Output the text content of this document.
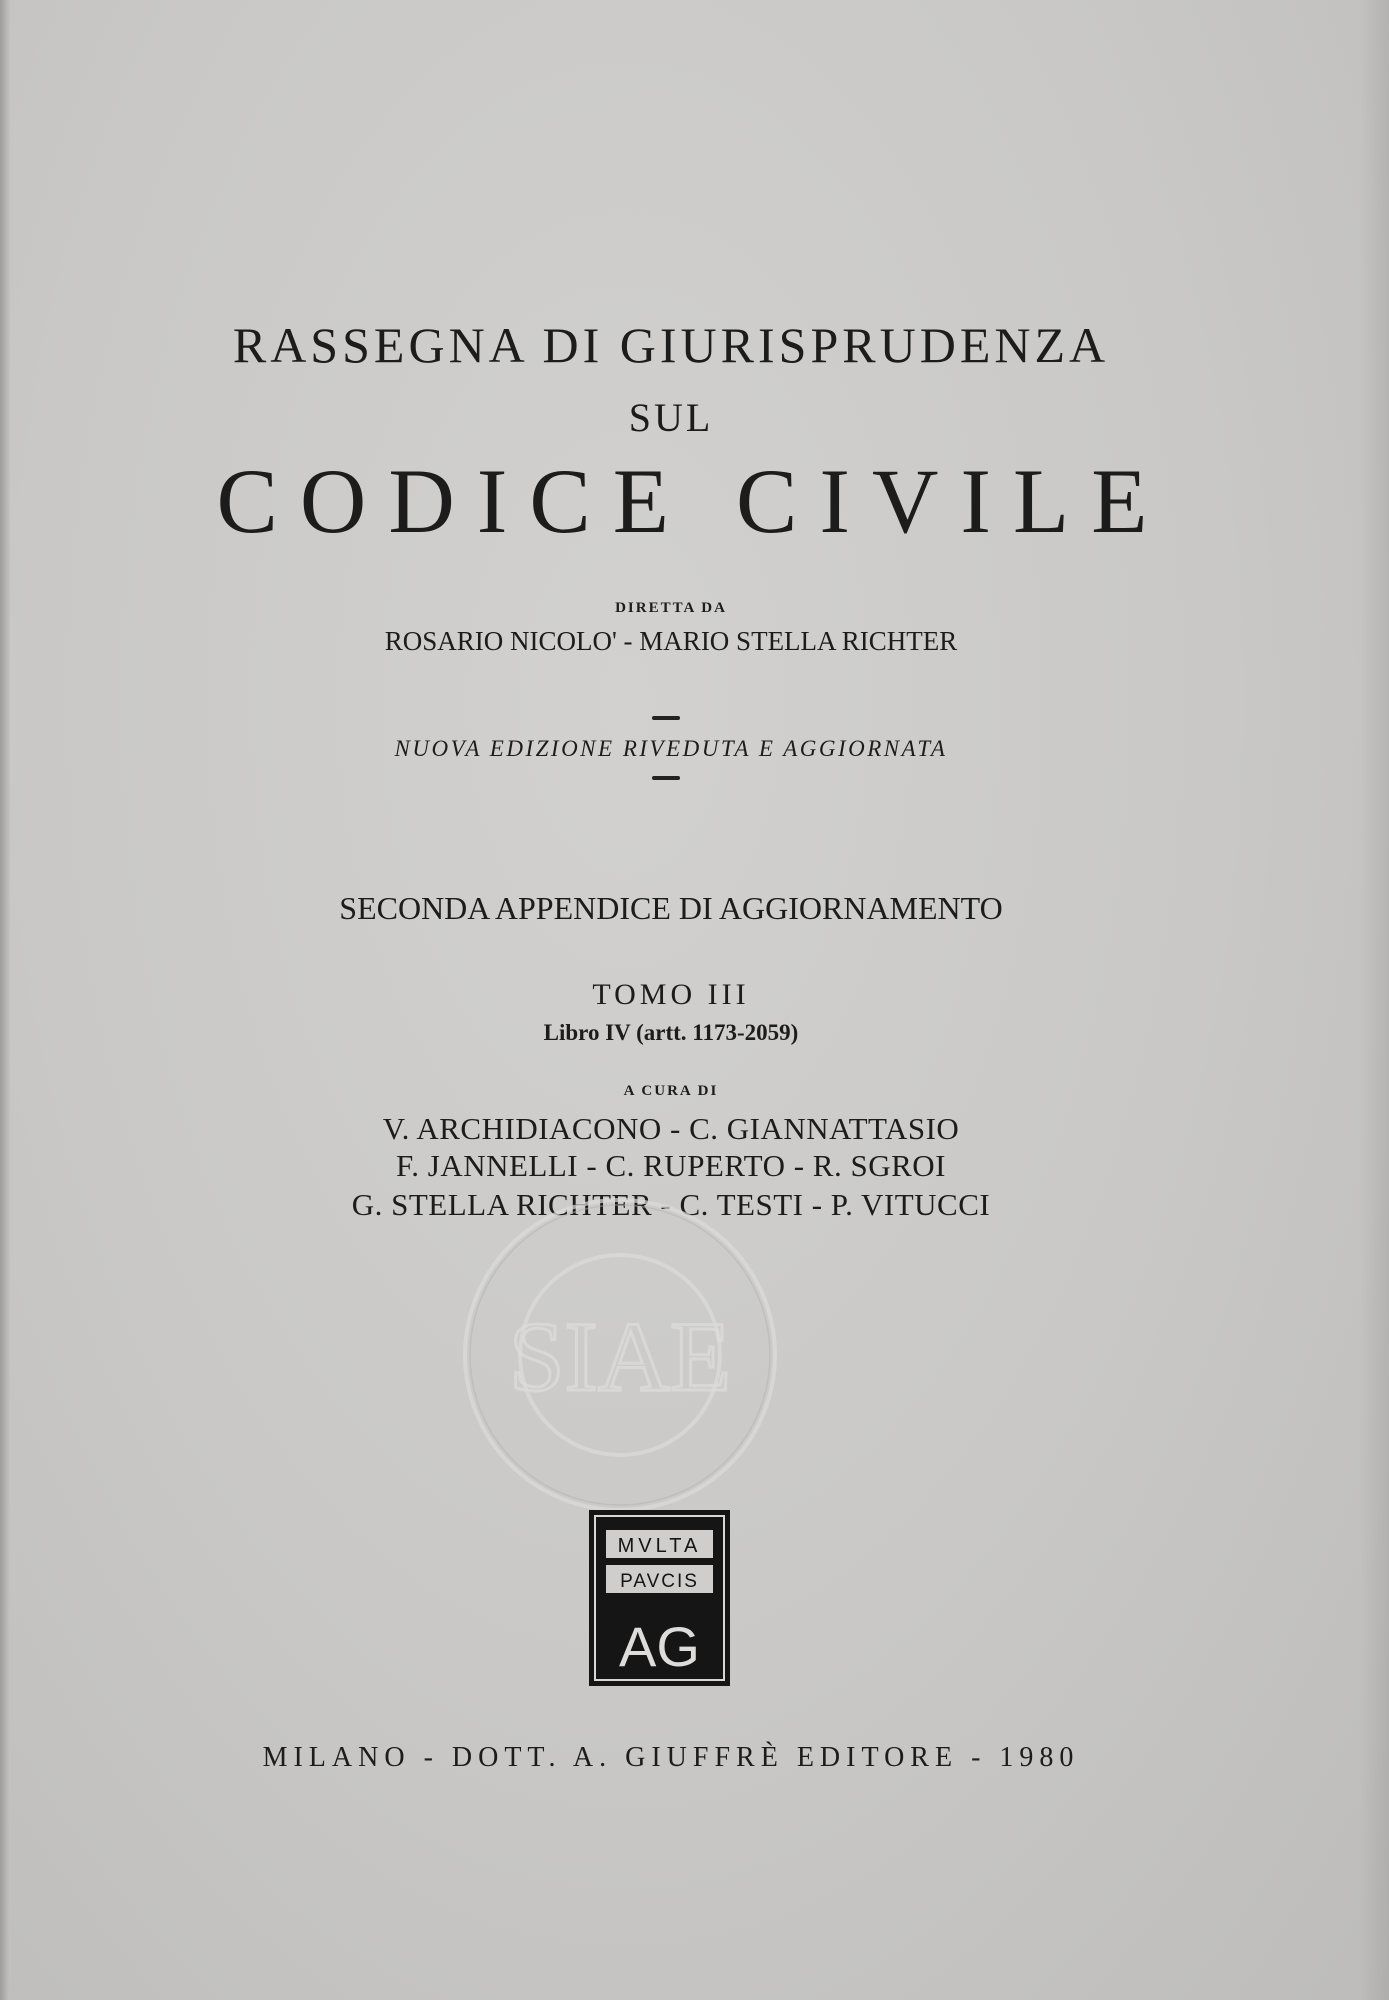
RASSEGNA DI GIURISPRUDENZA
SUL
CODICE CIVILE
DIRETTA DA
ROSARIO NICOLO' - MARIO STELLA RICHTER
NUOVA EDIZIONE RIVEDUTA E AGGIORNATA
SECONDA APPENDICE DI AGGIORNAMENTO
TOMO III
Libro IV (artt. 1173-2059)
A CURA DI
V. ARCHIDIACONO - C. GIANNATTASIO
F. JANNELLI - C. RUPERTO - R. SGROI
G. STELLA RICHTER - C. TESTI - P. VITUCCI
SIAE
MVLTA
PAVCIS
AG
MILANO - DOTT. A. GIUFFRÈ EDITORE - 1980
